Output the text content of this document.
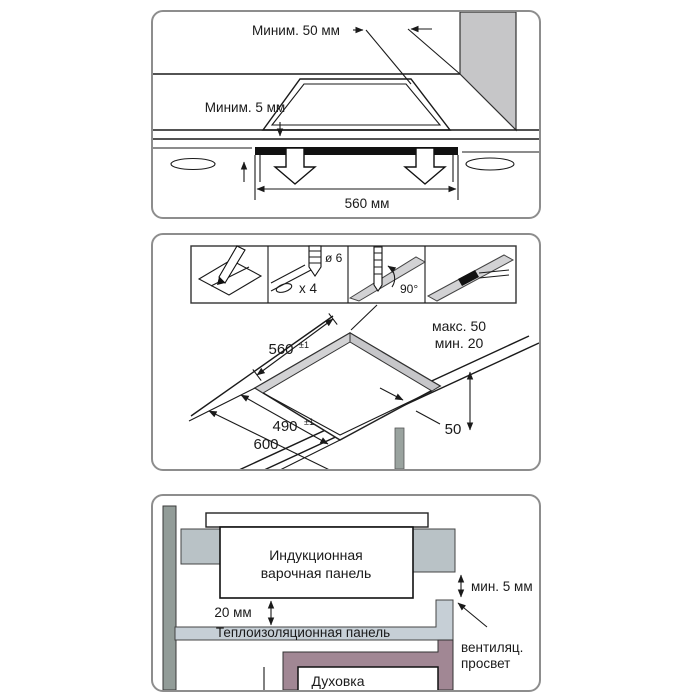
Миним. 5 мм
Миним. 50 мм
560 мм
x 4
ø 6
90°
560 ±1
490 ±1
600
50
макс. 50
мин. 20
Индукционная
варочная панель
мин. 5 мм
Теплоизоляционная панель
20 мм
Духовка
вентиляц.
просвет
